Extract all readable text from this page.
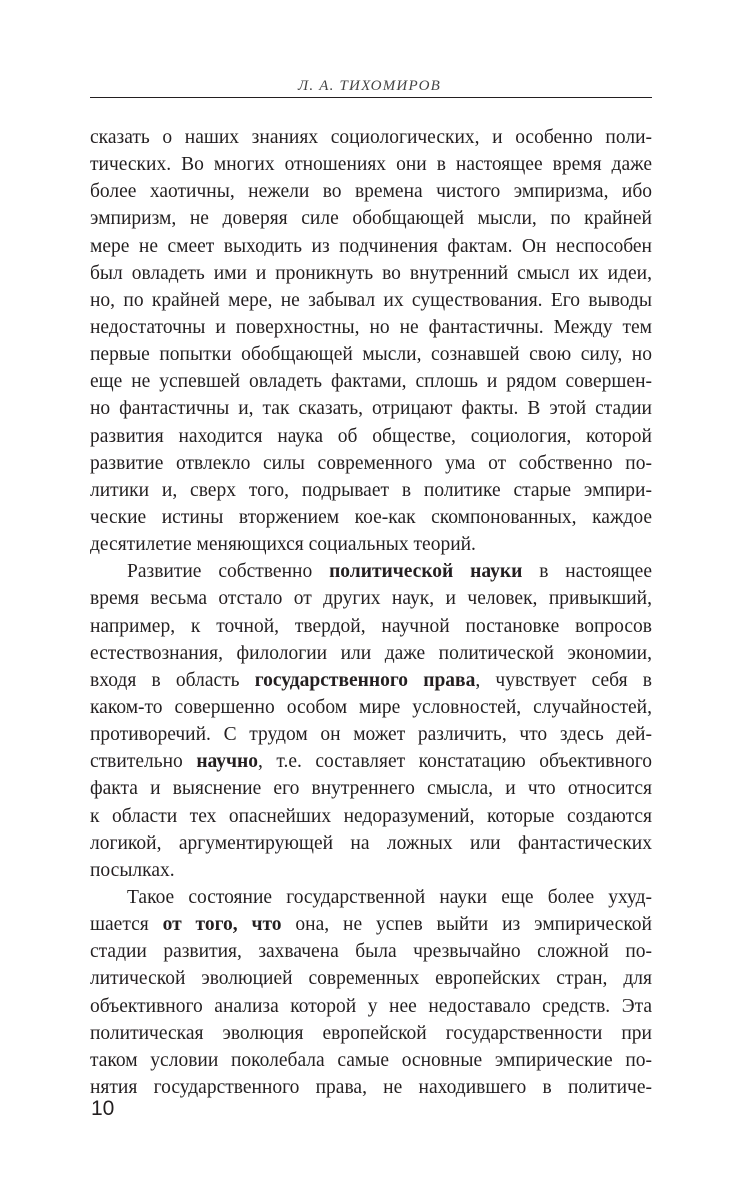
Л. А. ТИХОМИРОВ
сказать о наших знаниях социологических, и особенно поли-
тических. Во многих отношениях они в настоящее время даже
более хаотичны, нежели во времена чистого эмпиризма, ибо
эмпиризм, не доверяя силе обобщающей мысли, по крайней
мере не смеет выходить из подчинения фактам. Он неспособен
был овладеть ими и проникнуть во внутренний смысл их идеи,
но, по крайней мере, не забывал их существования. Его выводы
недостаточны и поверхностны, но не фантастичны. Между тем
первые попытки обобщающей мысли, сознавшей свою силу, но
еще не успевшей овладеть фактами, сплошь и рядом совершен-
но фантастичны и, так сказать, отрицают факты. В этой стадии
развития находится наука об обществе, социология, которой
развитие отвлекло силы современного ума от собственно по-
литики и, сверх того, подрывает в политике старые эмпири-
ческие истины вторжением кое-как скомпонованных, каждое
десятилетие меняющихся социальных теорий.
Развитие собственно политической науки в настоящее
время весьма отстало от других наук, и человек, привыкший,
например, к точной, твердой, научной постановке вопросов
естествознания, филологии или даже политической экономии,
входя в область государственного права, чувствует себя в
каком-то совершенно особом мире условностей, случайностей,
противоречий. С трудом он может различить, что здесь дей-
ствительно научно, т.е. составляет констатацию объективного
факта и выяснение его внутреннего смысла, и что относится
к области тех опаснейших недоразумений, которые создаются
логикой, аргументирующей на ложных или фантастических
посылках.
Такое состояние государственной науки еще более ухуд-
шается от того, что она, не успев выйти из эмпирической
стадии развития, захвачена была чрезвычайно сложной по-
литической эволюцией современных европейских стран, для
объективного анализа которой у нее недоставало средств. Эта
политическая эволюция европейской государственности при
таком условии поколебала самые основные эмпирические по-
нятия государственного права, не находившего в политиче-
10
